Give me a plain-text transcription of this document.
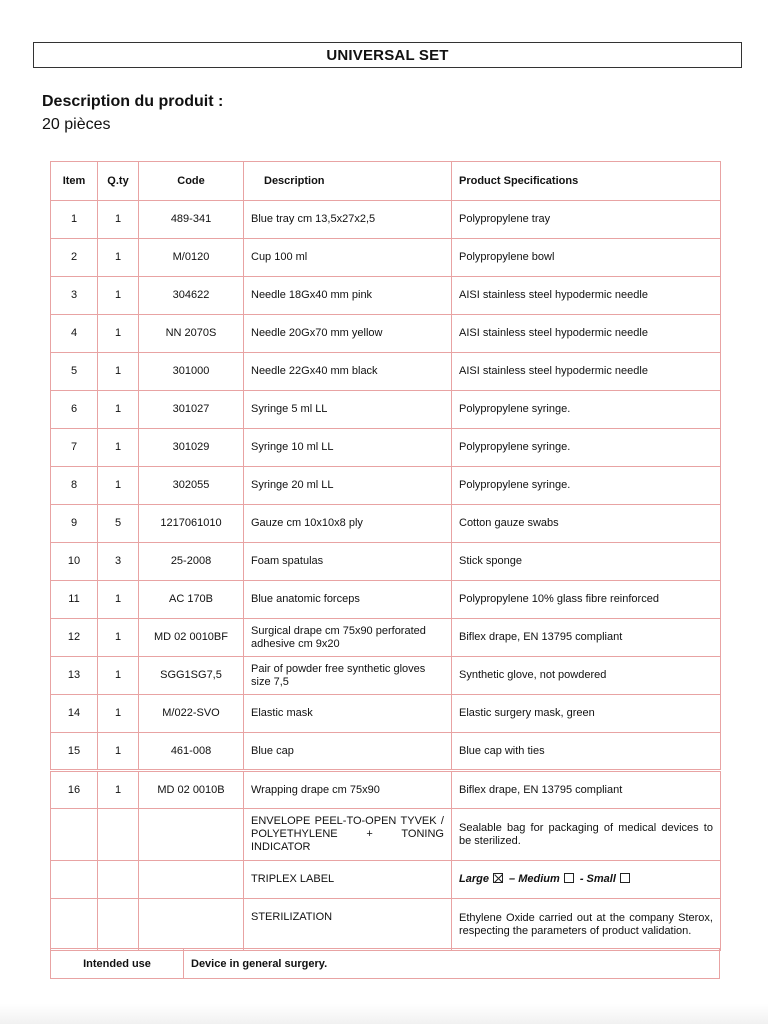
UNIVERSAL SET
Description du produit :
20 pièces
Item	Q.ty	Code	Description	Product Specifications
1	1	489-341	Blue tray cm 13,5x27x2,5	Polypropylene tray
2	1	M/0120	Cup 100 ml	Polypropylene bowl
3	1	304622	Needle 18Gx40 mm pink	AISI stainless steel hypodermic needle
4	1	NN 2070S	Needle 20Gx70 mm yellow	AISI stainless steel hypodermic needle
5	1	301000	Needle 22Gx40 mm black	AISI stainless steel hypodermic needle
6	1	301027	Syringe 5 ml LL	Polypropylene syringe.
7	1	301029	Syringe 10 ml LL	Polypropylene syringe.
8	1	302055	Syringe 20 ml LL	Polypropylene syringe.
9	5	1217061010	Gauze cm 10x10x8 ply	Cotton gauze swabs
10	3	25-2008	Foam spatulas	Stick sponge
11	1	AC 170B	Blue anatomic forceps	Polypropylene 10% glass fibre reinforced
12	1	MD 02 0010BF	Surgical drape cm 75x90 perforated adhesive cm 9x20	Biflex drape, EN 13795 compliant
13	1	SGG1SG7,5	Pair of powder free synthetic gloves size 7,5	Synthetic glove, not powdered
14	1	M/022-SVO	Elastic mask	Elastic surgery mask, green
15	1	461-008	Blue cap	Blue cap with ties
16	1	MD 02 0010B	Wrapping drape cm 75x90	Biflex drape, EN 13795 compliant
			ENVELOPE PEEL-TO-OPEN TYVEK / POLYETHYLENE + TONING INDICATOR	Sealable bag for packaging of medical devices to be sterilized.
			TRIPLEX LABEL	Large – Medium - Small
			STERILIZATION	Ethylene Oxide carried out at the company Sterox, respecting the parameters of product validation.
Intended use	Device in general surgery.
